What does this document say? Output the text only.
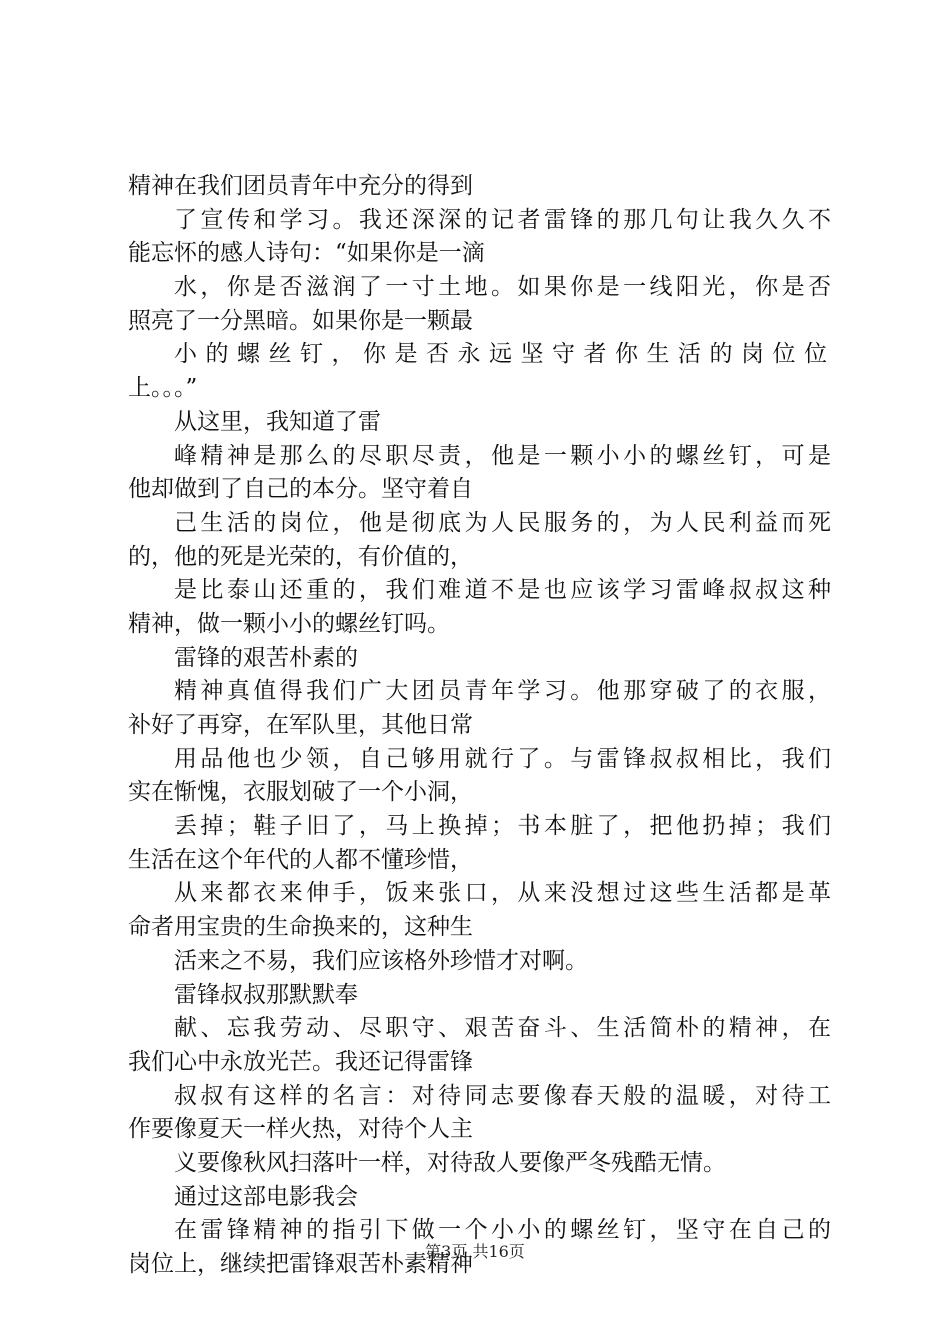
精神在我们团员青年中充分的得到
了宣传和学习。我还深深的记者雷锋的那几句让我久久不
能忘怀的感人诗句：“如果你是一滴
水，你是否滋润了一寸土地。如果你是一线阳光，你是否
照亮了一分黑暗。如果你是一颗最
小的螺丝钉，你是否永远坚守者你生活的岗位位
上。。。”
从这里，我知道了雷
峰精神是那么的尽职尽责，他是一颗小小的螺丝钉，可是
他却做到了自己的本分。坚守着自
己生活的岗位，他是彻底为人民服务的，为人民利益而死
的，他的死是光荣的，有价值的，
是比泰山还重的，我们难道不是也应该学习雷峰叔叔这种
精神，做一颗小小的螺丝钉吗。
雷锋的艰苦朴素的
精神真值得我们广大团员青年学习。他那穿破了的衣服，
补好了再穿，在军队里，其他日常
用品他也少领，自己够用就行了。与雷锋叔叔相比，我们
实在惭愧，衣服划破了一个小洞，
丢掉；鞋子旧了，马上换掉；书本脏了，把他扔掉；我们
生活在这个年代的人都不懂珍惜，
从来都衣来伸手，饭来张口，从来没想过这些生活都是革
命者用宝贵的生命换来的，这种生
活来之不易，我们应该格外珍惜才对啊。
雷锋叔叔那默默奉
献、忘我劳动、尽职守、艰苦奋斗、生活简朴的精神，在
我们心中永放光芒。我还记得雷锋
叔叔有这样的名言：对待同志要像春天般的温暖，对待工
作要像夏天一样火热，对待个人主
义要像秋风扫落叶一样，对待敌人要像严冬残酷无情。
通过这部电影我会
在雷锋精神的指引下做一个小小的螺丝钉，坚守在自己的
岗位上，继续把雷锋艰苦朴素精神
第3页 共16页
